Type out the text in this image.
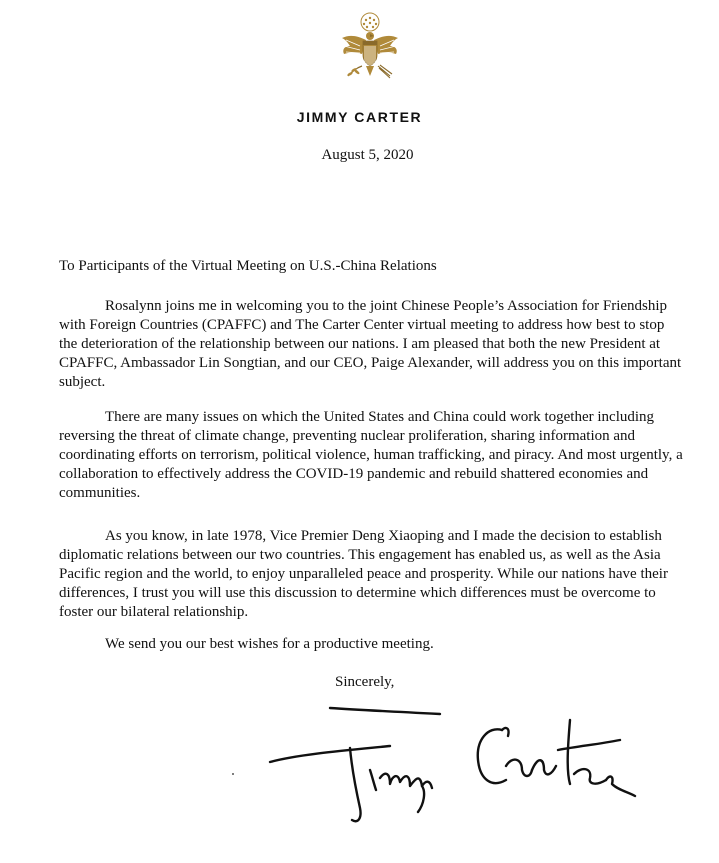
JIMMY CARTER
August 5, 2020
To Participants of the Virtual Meeting on U.S.-China Relations

Rosalynn joins me in welcoming you to the joint Chinese People’s Association for Friendship with Foreign Countries (CPAFFC) and The Carter Center virtual meeting to address how best to stop the deterioration of the relationship between our nations. I am pleased that both the new President at CPAFFC, Ambassador Lin Songtian, and our CEO, Paige Alexander, will address you on this important subject.

There are many issues on which the United States and China could work together including reversing the threat of climate change, preventing nuclear proliferation, sharing information and coordinating efforts on terrorism, political violence, human trafficking, and piracy. And most urgently, a collaboration to effectively address the COVID-19 pandemic and rebuild shattered economies and communities.

As you know, in late 1978, Vice Premier Deng Xiaoping and I made the decision to establish diplomatic relations between our two countries. This engagement has enabled us, as well as the Asia Pacific region and the world, to enjoy unparalleled peace and prosperity. While our nations have their differences, I trust you will use this discussion to determine which differences must be overcome to foster our bilateral relationship.

We send you our best wishes for a productive meeting.

Sincerely,
